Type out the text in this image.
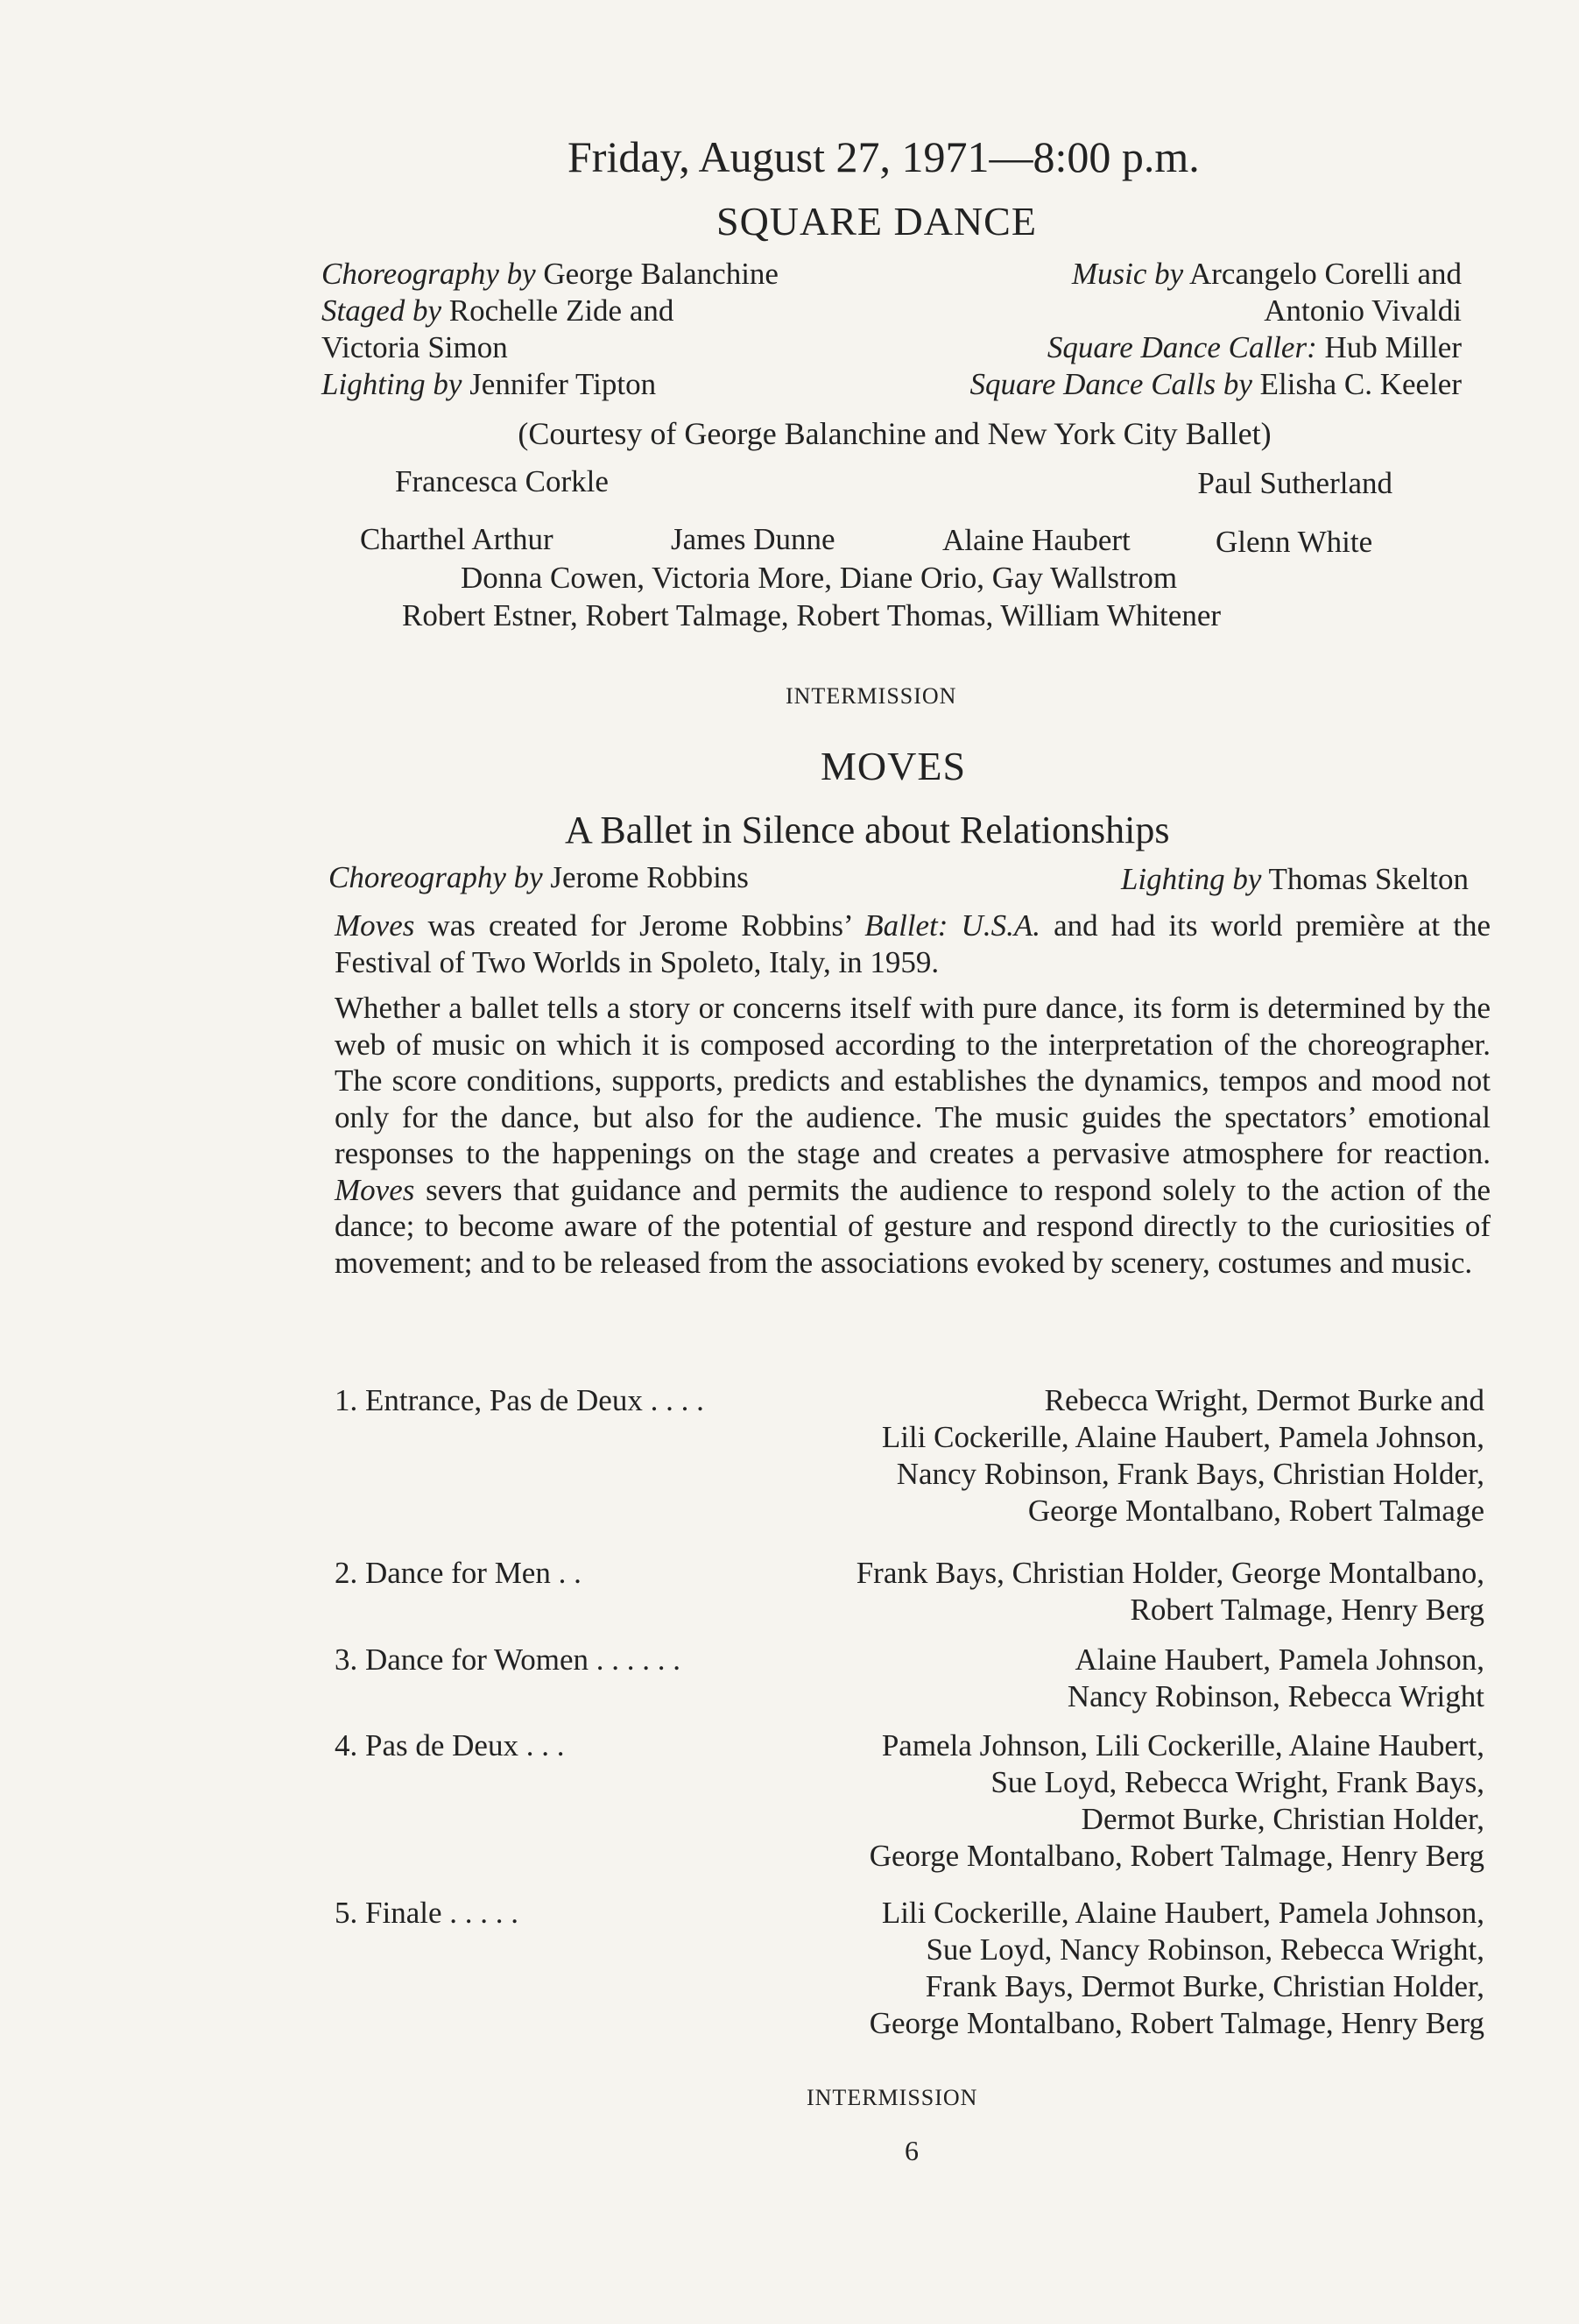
Friday, August 27, 1971—8:00 p.m.
SQUARE DANCE
Choreography by George Balanchine
Staged by Rochelle Zide and
Victoria Simon
Lighting by Jennifer Tipton
Music by Arcangelo Corelli and
Antonio Vivaldi
Square Dance Caller: Hub Miller
Square Dance Calls by Elisha C. Keeler
(Courtesy of George Balanchine and New York City Ballet)
Francesca Corkle	Paul Sutherland
Charthel Arthur	James Dunne	Alaine Haubert	Glenn White
Donna Cowen, Victoria More, Diane Orio, Gay Wallstrom
Robert Estner, Robert Talmage, Robert Thomas, William Whitener
INTERMISSION
MOVES
A Ballet in Silence about Relationships
Choreography by Jerome Robbins	Lighting by Thomas Skelton

Moves was created for Jerome Robbins’ Ballet: U.S.A. and had its world première at the Festival of Two Worlds in Spoleto, Italy, in 1959.

Whether a ballet tells a story or concerns itself with pure dance, its form is determined by the web of music on which it is composed according to the interpretation of the choreographer. The score conditions, supports, predicts and establishes the dynamics, tempos and mood not only for the dance, but also for the audience. The music guides the spectators’ emotional responses to the happenings on the stage and creates a pervasive atmosphere for reaction. Moves severs that guidance and permits the audience to respond solely to the action of the dance; to become aware of the potential of gesture and respond directly to the curiosities of movement; and to be released from the associations evoked by scenery, costumes and music.

1. Entrance, Pas de Deux . . . .	Rebecca Wright, Dermot Burke and
Lili Cockerille, Alaine Haubert, Pamela Johnson,
Nancy Robinson, Frank Bays, Christian Holder,
George Montalbano, Robert Talmage
2. Dance for Men . .	Frank Bays, Christian Holder, George Montalbano,
Robert Talmage, Henry Berg
3. Dance for Women . . . . . .	Alaine Haubert, Pamela Johnson,
Nancy Robinson, Rebecca Wright
4. Pas de Deux . . .	Pamela Johnson, Lili Cockerille, Alaine Haubert,
Sue Loyd, Rebecca Wright, Frank Bays,
Dermot Burke, Christian Holder,
George Montalbano, Robert Talmage, Henry Berg
5. Finale . . . . .	Lili Cockerille, Alaine Haubert, Pamela Johnson,
Sue Loyd, Nancy Robinson, Rebecca Wright,
Frank Bays, Dermot Burke, Christian Holder,
George Montalbano, Robert Talmage, Henry Berg
INTERMISSION
6
